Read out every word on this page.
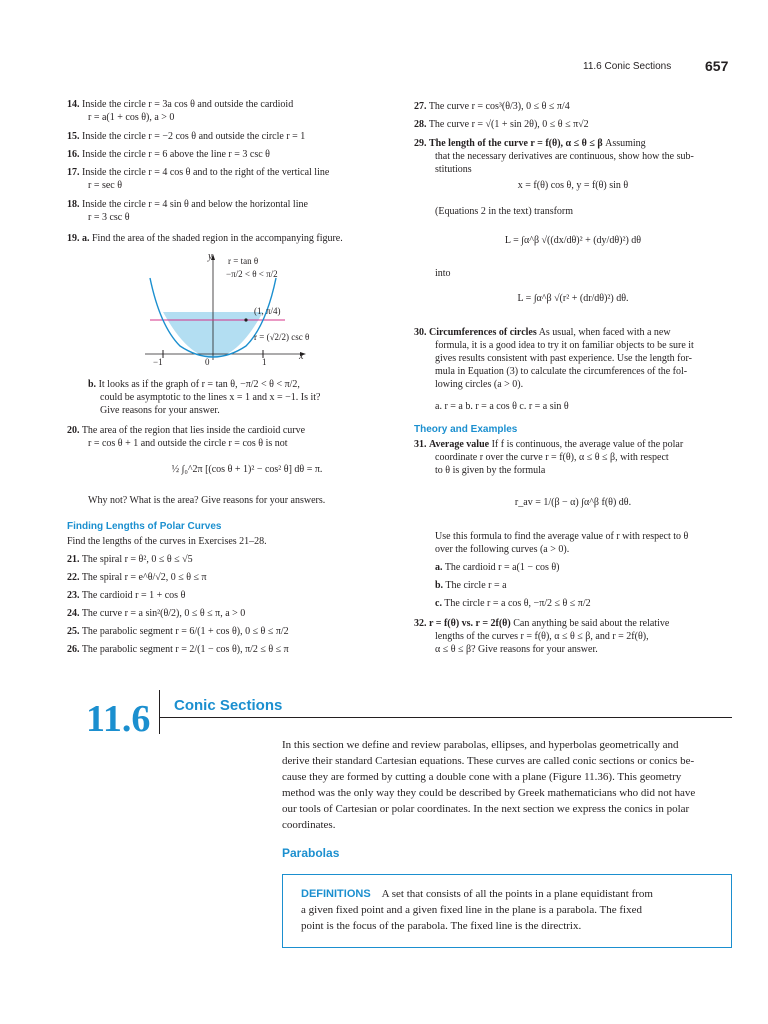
11.6 Conic Sections 657
14. Inside the circle r = 3a cos θ and outside the cardioid
r = a(1 + cos θ), a > 0
15. Inside the circle r = −2 cos θ and outside the circle r = 1
16. Inside the circle r = 6 above the line r = 3 csc θ
17. Inside the circle r = 4 cos θ and to the right of the vertical line
r = sec θ
18. Inside the circle r = 4 sin θ and below the horizontal line
r = 3 csc θ
19. a. Find the area of the shaded region in the accompanying figure.
y
x
r = tan θ
−π/2 < θ < π/2
(1, π/4)
r = (√2/2) csc θ
−1	0	1
b. It looks as if the graph of r = tan θ, −π/2 < θ < π/2,
could be asymptotic to the lines x = 1 and x = −1. Is it?
Give reasons for your answer.
20. The area of the region that lies inside the cardioid curve
r = cos θ + 1 and outside the circle r = cos θ is not
½ ∫₀^2π [(cos θ + 1)² − cos² θ] dθ = π.
Why not? What is the area? Give reasons for your answers.
Finding Lengths of Polar Curves
Find the lengths of the curves in Exercises 21–28.
21. The spiral r = θ², 0 ≤ θ ≤ √5
22. The spiral r = e^θ/√2, 0 ≤ θ ≤ π
23. The cardioid r = 1 + cos θ
24. The curve r = a sin²(θ/2), 0 ≤ θ ≤ π, a > 0
25. The parabolic segment r = 6/(1 + cos θ), 0 ≤ θ ≤ π/2
26. The parabolic segment r = 2/(1 − cos θ), π/2 ≤ θ ≤ π
27. The curve r = cos³(θ/3), 0 ≤ θ ≤ π/4
28. The curve r = √(1 + sin 2θ), 0 ≤ θ ≤ π√2
29. The length of the curve r = f(θ), α ≤ θ ≤ β Assuming
that the necessary derivatives are continuous, show how the sub-
stitutions
x = f(θ) cos θ, y = f(θ) sin θ
(Equations 2 in the text) transform
L = ∫α^β √((dx/dθ)² + (dy/dθ)²) dθ
into
L = ∫α^β √(r² + (dr/dθ)²) dθ.
30. Circumferences of circles As usual, when faced with a new
formula, it is a good idea to try it on familiar objects to be sure it
gives results consistent with past experience. Use the length for-
mula in Equation (3) to calculate the circumferences of the fol-
lowing circles (a > 0).
a. r = a b. r = a cos θ c. r = a sin θ
Theory and Examples
31. Average value If f is continuous, the average value of the polar
coordinate r over the curve r = f(θ), α ≤ θ ≤ β, with respect
to θ is given by the formula
r_av = 1/(β − α) ∫α^β f(θ) dθ.
Use this formula to find the average value of r with respect to θ
over the following curves (a > 0).
a. The cardioid r = a(1 − cos θ)
b. The circle r = a
c. The circle r = a cos θ, −π/2 ≤ θ ≤ π/2
32. r = f(θ) vs. r = 2f(θ) Can anything be said about the relative
lengths of the curves r = f(θ), α ≤ θ ≤ β, and r = 2f(θ),
α ≤ θ ≤ β? Give reasons for your answer.
11.6 Conic Sections
In this section we define and review parabolas, ellipses, and hyperbolas geometrically and
derive their standard Cartesian equations. These curves are called conic sections or conics be-
cause they are formed by cutting a double cone with a plane (Figure 11.36). This geometry
method was the only way they could be described by Greek mathematicians who did not have
our tools of Cartesian or polar coordinates. In the next section we express the conics in polar
coordinates.
Parabolas
DEFINITIONS A set that consists of all the points in a plane equidistant from
a given fixed point and a given fixed line in the plane is a parabola. The fixed
point is the focus of the parabola. The fixed line is the directrix.
